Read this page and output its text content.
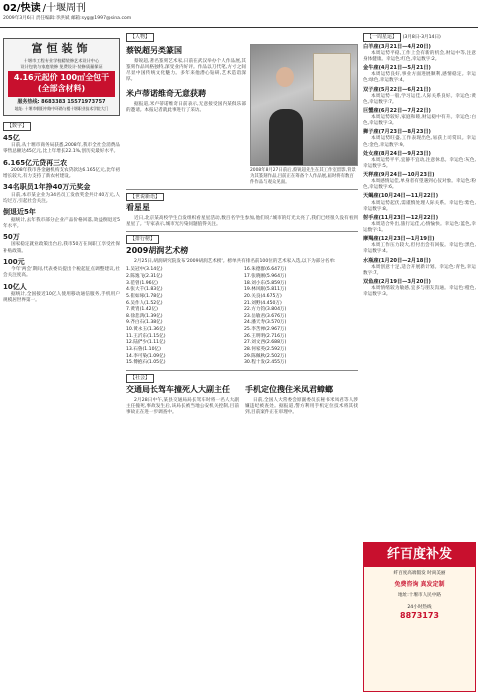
02/快读 /十堰周刊
2009年3月6日 责任编辑:李洪斌 邮箱:syg@1997@sina.com
富恒装饰
十堰市工程专业学校精装修艺术设计中心
设计包装与家庭装修 免费设计·装修质量保证
4.16元起价 100㎡全包干 (全部含材料)
服务热线: 8683383 15571973757
地址: 十堰市朝阳中路中环路与楼十堰职业技术学院大门
【数字】
45亿
日前,从十堰市商务局获悉,2008年,我市全社会消费品零售总额达45亿元,比上年增长22.1%,创历史最好水平。
6.165亿元贷再三农
2008年我市各金融机构支农贷款达6.165亿元,比年初增长较大,有力支持了新农村建设。
34名职员1年挣40万元奖金
日前,本市某企业为34名员工发放奖金共计40万元,人均过万,引起社会关注。
倒退近5年
据统计,去年我市部分企业产品价格回落,效益倒退近5年水平。
50万
国家稳定就业政策出台后,我市50万在岗职工享受社保补贴政策。
100元
今年'两会'期间,代表委员提出个税起征点调整建议,社会关注度高。
10亿人
据统计,全国接近10亿人使用移动通信服务,手机用户规模居世界第一。
【人物】
蔡锐超另类篆国
蔡锐超,著名篆刻艺术家,日前在武汉举办个人作品展,其篆刻作品风格独特,深受业内好评。作品以刀代笔,方寸之间尽显中国传统文化魅力。多年来他潜心钻研,艺术造诣深厚。
米卢蒂诺维奇无意获聘
据报道,米卢蒂诺维奇日前表示,无意接受国内某俱乐部的邀请。本报记者就此事进行了采访。
2008年8月27日前后,蔡锐超先生在其工作室留影,背景为其篆刻作品,目前正在筹备个人作品展,届时将有数百件作品与观众见面。
【世说新语】
看星星
近日,北京某高校学生自发组织看星星活动,数百名学生参加,他们说:'城市的灯光太亮了,我们已经很久没有看到星星了。'专家表示,城市光污染问题值得关注。
【排行榜】
2009胡润艺术榜
2月25日,胡润研究院发布'2009胡润艺术榜'。榜单共有排名前100位的艺术家入选,以下为部分名单:
1.吴冠中(3.14亿)
2.陈逸飞(2.31亿)
3.范曾(1.96亿)
4.张大千(1.83亿)
5.崔如琢(1.78亿)
6.吴作人(1.52亿)
7.黄胄(1.42亿)
8.徐悲鸿(1.39亿)
9.齐白石(1.38亿)
10.黄永玉(1.36亿)
11.王沂东(1.15亿)
12.陆俨少(1.11亿)
13.石鲁(1.10亿)
14.李可染(1.09亿)
15.傅抱石(1.05亿)
16.朱德群(6.647万)
17.张晓刚(5.964万)
18.刘小东(5.859万)
19.林风眠(5.811万)
20.关良(4.675万)
21.刘野(4.450万)
22.方力钧(3.804万)
23.岳敏君(3.676万)
24.潘天寿(3.570万)
25.李苦禅(2.967万)
26.王明明(2.716万)
27.刘文西(2.688万)
28.何家英(2.592万)
29.陈佩秋(2.502万)
30.程十发(2.455万)
【社会】
交通局长驾车撞死人大副主任
2月28日中午,某县交通局局长驾车时将一名人大副主任撞死,事故发生后,该局长被当地公安机关控制,目前事故正在进一步调查中。
手机定位搜住米凤君蟑螂
日前,全国人大常委会原副委员长秘书米凤君等人涉嫌违纪被查处。据报道,警方利用手机定位技术将其找到,目前案件正在审理中。
【一周星运】 (3月8日-3月14日)
白羊座(3月21日—4月20日)
本周运势平稳,工作上会有新的机会,财运中等,注意身体健康。幸运色:红色,幸运数字:2。
金牛座(4月21日—5月21日)
本周运势良好,事业方面进展顺利,感情稳定。幸运色:绿色,幸运数字:4。
双子座(5月22日—6月21日)
本周运势一般,学习运佳,人际关系良好。幸运色:黄色,幸运数字:7。
巨蟹座(6月22日—7月22日)
本周运势较好,家庭和睦,财运稳中有升。幸运色:白色,幸运数字:3。
狮子座(7月23日—8月23日)
本周运势旺盛,工作表现出色,易获上司赏识。幸运色:金色,幸运数字:9。
处女座(8月24日—9月23日)
本周运势平平,宜静不宜动,注意休息。幸运色:灰色,幸运数字:5。
天秤座(9月24日—10月23日)
本周感情运佳,单身者有望遇到心仪对象。幸运色:粉色,幸运数字:6。
天蝎座(10月24日—11月22日)
本周运势起伏,需谨慎处理人际关系。幸运色:紫色,幸运数字:8。
射手座(11月23日—12月22日)
本周适合外出,旅行运佳,心情愉快。幸运色:蓝色,幸运数字:1。
摩羯座(12月23日—1月19日)
本周工作压力较大,但付出会有回报。幸运色:黑色,幸运数字:4。
水瓶座(1月20日—2月18日)
本周创意十足,适合开展新计划。幸运色:青色,幸运数字:7。
双鱼座(2月19日—3月20日)
本周情绪较为敏感,宜多与朋友沟通。幸运色:橙色,幸运数字:3。
纤百度补发
纤百度高端假发 时尚美丽
免费咨询 真发定制
地址:十堰市人民中路
24小时热线
8873173
